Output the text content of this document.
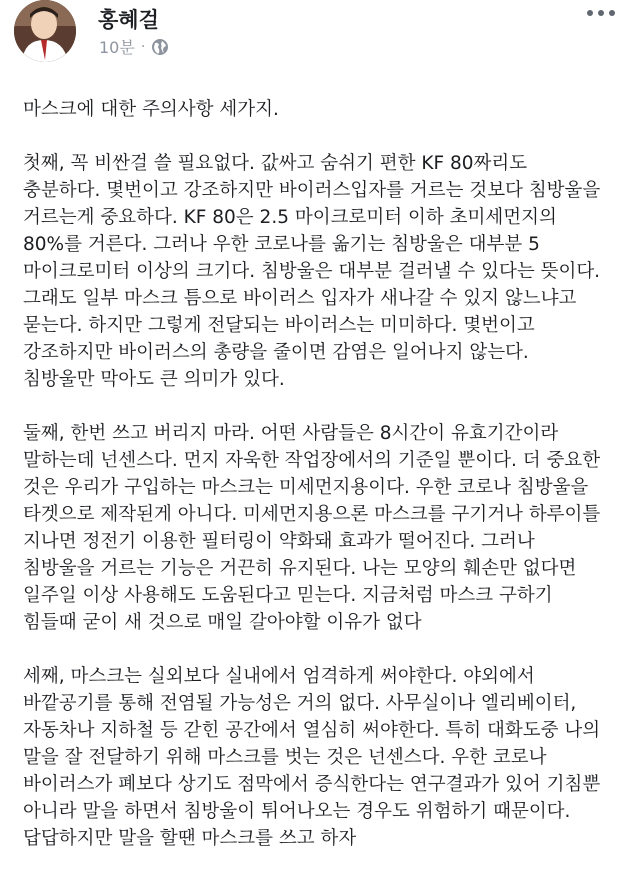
홍혜걸
10분 ·

마스크에 대한 주의사항 세가지.

첫째, 꼭 비싼걸 쓸 필요없다. 값싸고 숨쉬기 편한 KF 80짜리도
충분하다. 몇번이고 강조하지만 바이러스입자를 거르는 것보다 침방울을
거르는게 중요하다. KF 80은 2.5 마이크로미터 이하 초미세먼지의
80%를 거른다. 그러나 우한 코로나를 옮기는 침방울은 대부분 5
마이크로미터 이상의 크기다. 침방울은 대부분 걸러낼 수 있다는 뜻이다.
그래도 일부 마스크 틈으로 바이러스 입자가 새나갈 수 있지 않느냐고
묻는다. 하지만 그렇게 전달되는 바이러스는 미미하다. 몇번이고
강조하지만 바이러스의 총량을 줄이면 감염은 일어나지 않는다.
침방울만 막아도 큰 의미가 있다.

둘째, 한번 쓰고 버리지 마라. 어떤 사람들은 8시간이 유효기간이라
말하는데 넌센스다. 먼지 자욱한 작업장에서의 기준일 뿐이다. 더 중요한
것은 우리가 구입하는 마스크는 미세먼지용이다. 우한 코로나 침방울을
타겟으로 제작된게 아니다. 미세먼지용으론 마스크를 구기거나 하루이틀
지나면 정전기 이용한 필터링이 약화돼 효과가 떨어진다. 그러나
침방울을 거르는 기능은 거끈히 유지된다. 나는 모양의 훼손만 없다면
일주일 이상 사용해도 도움된다고 믿는다. 지금처럼 마스크 구하기
힘들때 굳이 새 것으로 매일 갈아야할 이유가 없다

세째, 마스크는 실외보다 실내에서 엄격하게 써야한다. 야외에서
바깥공기를 통해 전염될 가능성은 거의 없다. 사무실이나 엘리베이터,
자동차나 지하철 등 갇힌 공간에서 열심히 써야한다. 특히 대화도중 나의
말을 잘 전달하기 위해 마스크를 벗는 것은 넌센스다. 우한 코로나
바이러스가 폐보다 상기도 점막에서 증식한다는 연구결과가 있어 기침뿐
아니라 말을 하면서 침방울이 튀어나오는 경우도 위험하기 때문이다.
답답하지만 말을 할땐 마스크를 쓰고 하자
